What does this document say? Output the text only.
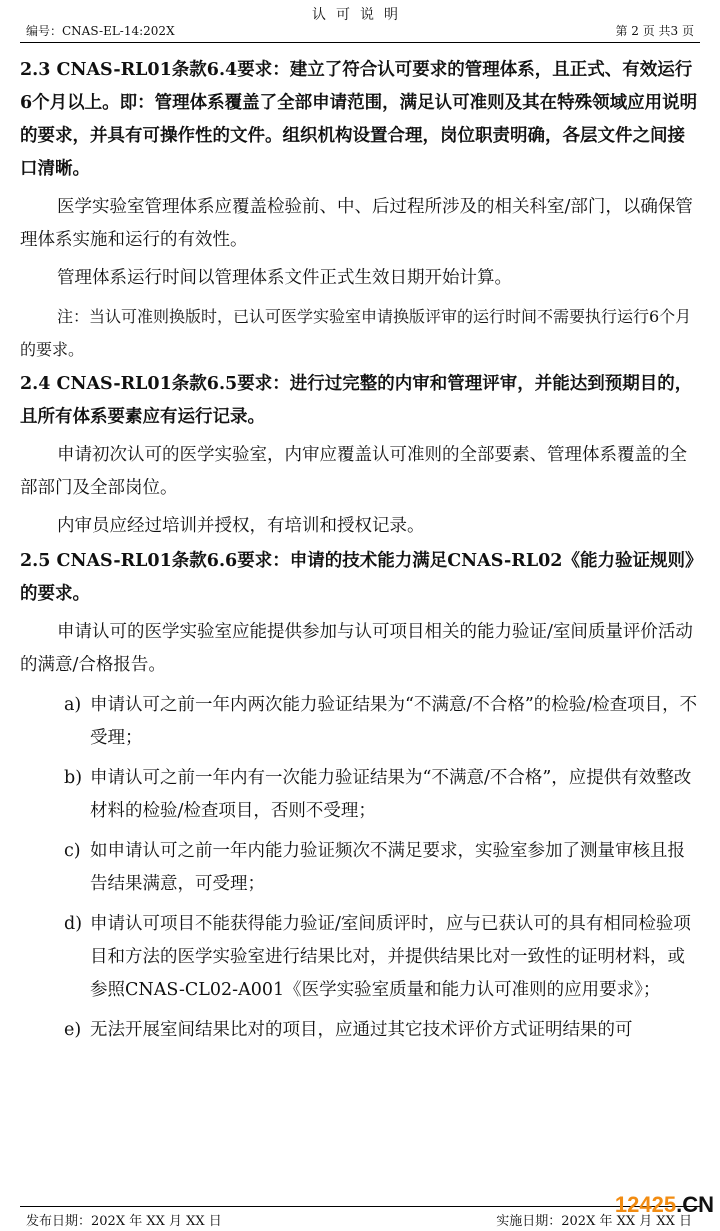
认可说明
编号：CNAS-EL-14:202X	第 2 页 共3 页

2.3 CNAS-RL01条款6.4要求：建立了符合认可要求的管理体系，且正式、有效运行6个月以上。即：管理体系覆盖了全部申请范围，满足认可准则及其在特殊领域应用说明的要求，并具有可操作性的文件。组织机构设置合理，岗位职责明确，各层文件之间接口清晰。

医学实验室管理体系应覆盖检验前、中、后过程所涉及的相关科室/部门，以确保管理体系实施和运行的有效性。

管理体系运行时间以管理体系文件正式生效日期开始计算。

注：当认可准则换版时，已认可医学实验室申请换版评审的运行时间不需要执行运行6个月的要求。

2.4 CNAS-RL01条款6.5要求：进行过完整的内审和管理评审，并能达到预期目的，且所有体系要素应有运行记录。

申请初次认可的医学实验室，内审应覆盖认可准则的全部要素、管理体系覆盖的全部部门及全部岗位。

内审员应经过培训并授权，有培训和授权记录。

2.5 CNAS-RL01条款6.6要求：申请的技术能力满足CNAS-RL02《能力验证规则》的要求。

申请认可的医学实验室应能提供参加与认可项目相关的能力验证/室间质量评价活动的满意/合格报告。

a) 申请认可之前一年内两次能力验证结果为“不满意/不合格”的检验/检查项目，不受理；
b) 申请认可之前一年内有一次能力验证结果为“不满意/不合格”，应提供有效整改材料的检验/检查项目，否则不受理；
c) 如申请认可之前一年内能力验证频次不满足要求，实验室参加了测量审核且报告结果满意，可受理；
d) 申请认可项目不能获得能力验证/室间质评时，应与已获认可的具有相同检验项目和方法的医学实验室进行结果比对，并提供结果比对一致性的证明材料，或参照CNAS-CL02-A001《医学实验室质量和能力认可准则的应用要求》；
e) 无法开展室间结果比对的项目，应通过其它技术评价方式证明结果的可
发布日期：202X 年 XX 月 XX 日	实施日期：202X 年 XX 月 XX 日
12425.CN
